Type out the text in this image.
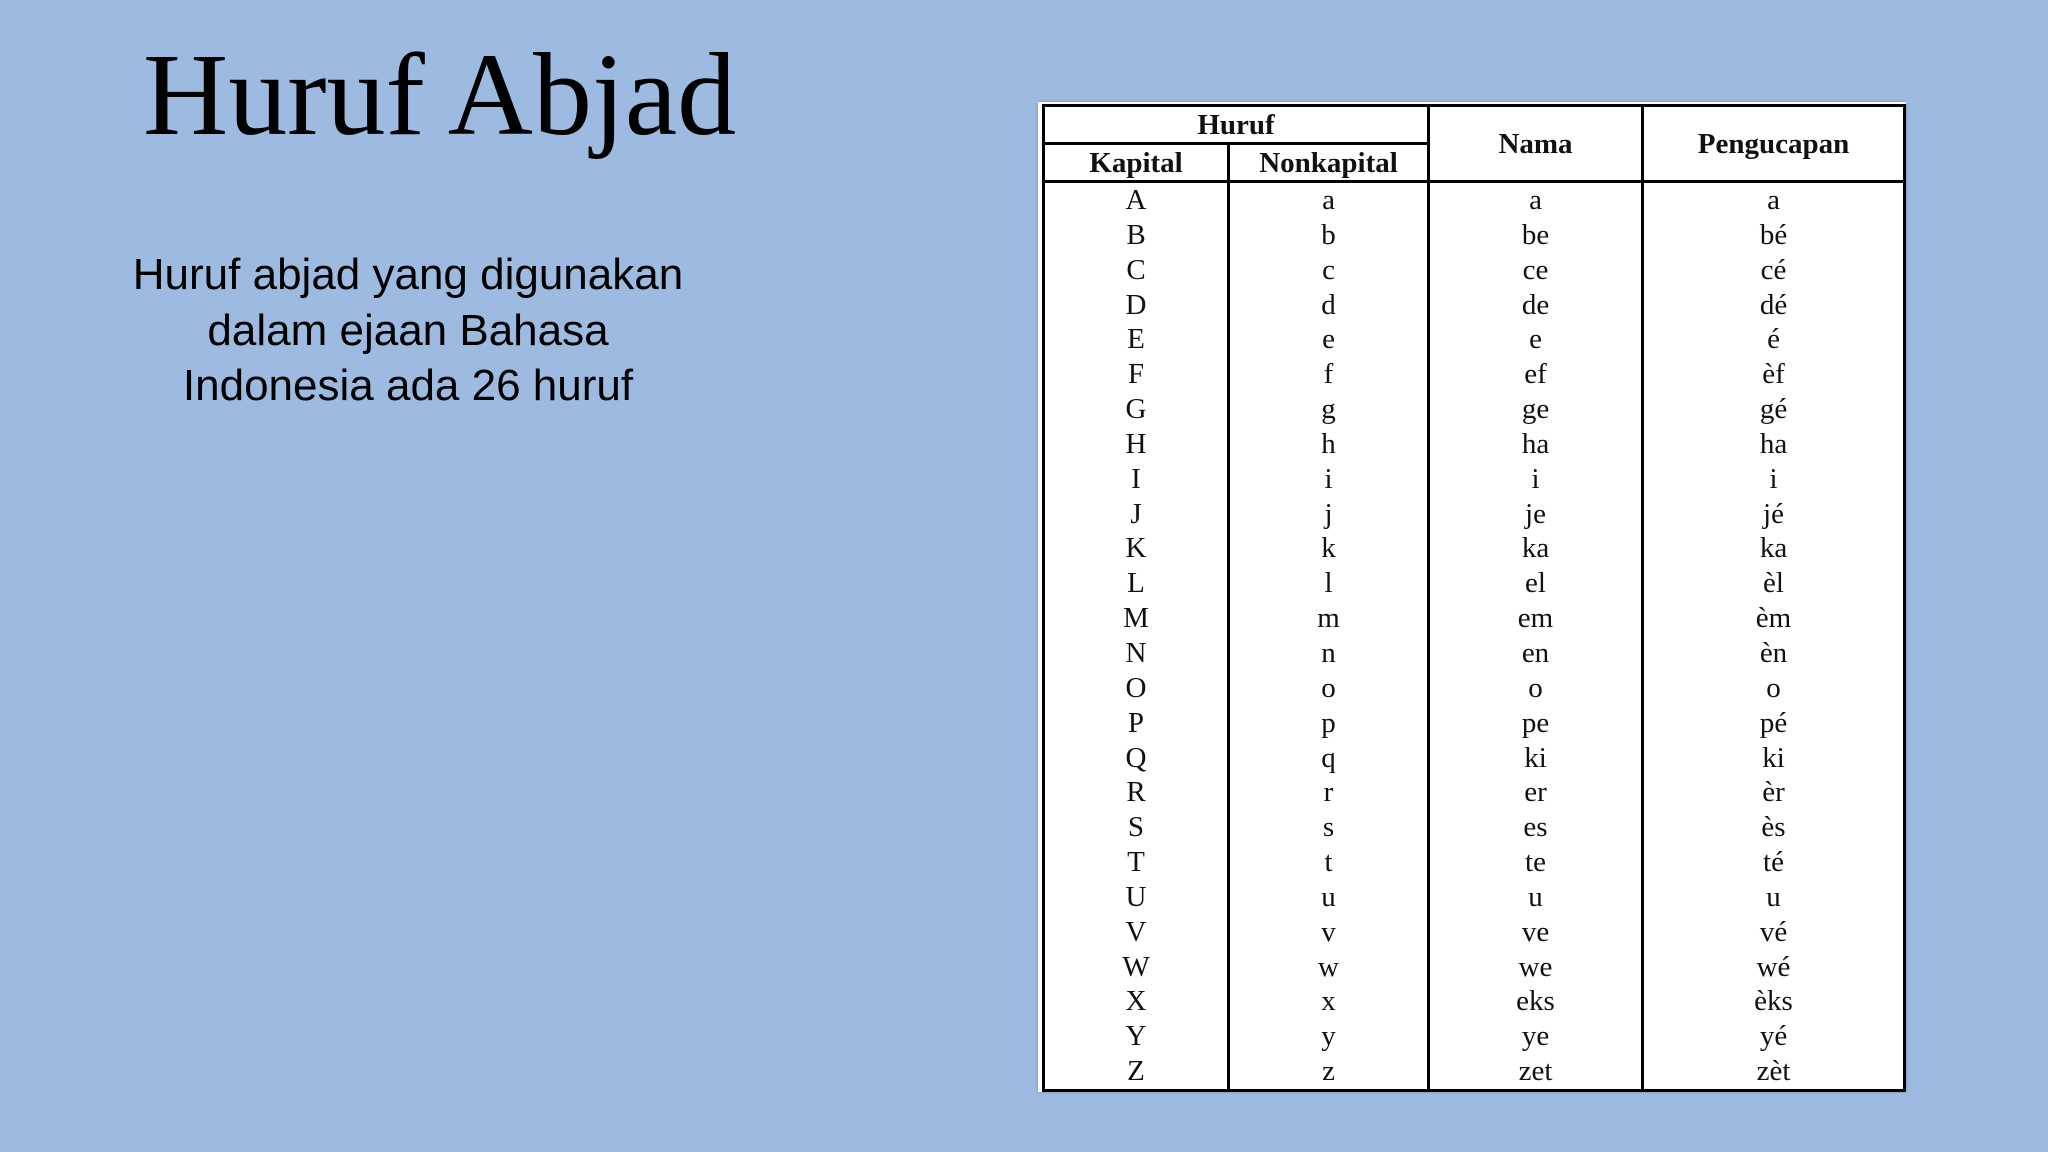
Huruf Abjad

Huruf abjad yang digunakan dalam ejaan Bahasa Indonesia ada 26 huruf

Huruf		Nama	Pengucapan
Kapital	Nonkapital		
A	a	a	a
B	b	be	bé
C	c	ce	cé
D	d	de	dé
E	e	e	é
F	f	ef	èf
G	g	ge	gé
H	h	ha	ha
I	i	i	i
J	j	je	jé
K	k	ka	ka
L	l	el	èl
M	m	em	èm
N	n	en	èn
O	o	o	o
P	p	pe	pé
Q	q	ki	ki
R	r	er	èr
S	s	es	ès
T	t	te	té
U	u	u	u
V	v	ve	vé
W	w	we	wé
X	x	eks	èks
Y	y	ye	yé
Z	z	zet	zèt
